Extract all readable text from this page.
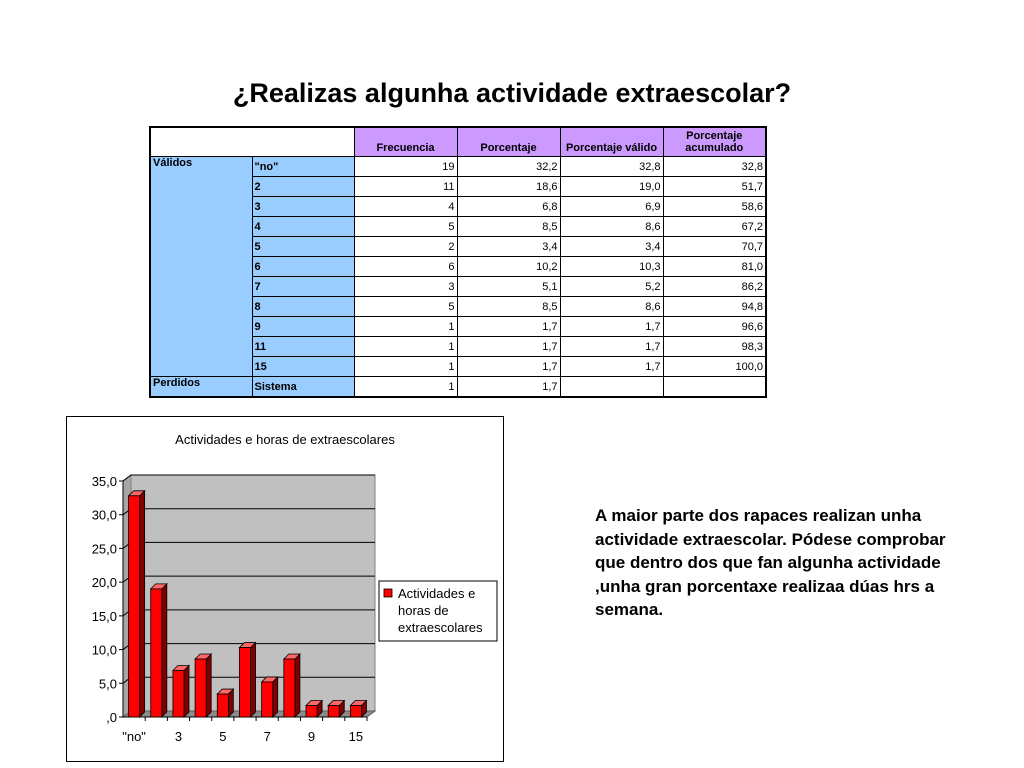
¿Realizas algunha actividade extraescolar?
		Frecuencia	Porcentaje	Porcentaje válido	Porcentaje acumulado
Válidos	"no"	19	32,2	32,8	32,8
	2	11	18,6	19,0	51,7
	3	4	6,8	6,9	58,6
	4	5	8,5	8,6	67,2
	5	2	3,4	3,4	70,7
	6	6	10,2	10,3	81,0
	7	3	5,1	5,2	86,2
	8	5	8,5	8,6	94,8
	9	1	1,7	1,7	96,6
	11	1	1,7	1,7	98,3
	15	1	1,7	1,7	100,0
Perdidos	Sistema	1	1,7		
Actividades e horas de extraescolares
35,0
30,0
25,0
20,0
15,0
10,0
5,0
,0
"no" 3	5	7	9	15
Actividades e horas de extraescolares
A maior parte dos rapaces realizan unha actividade extraescolar. Pódese comprobar que dentro dos que fan algunha actividade ,unha gran porcentaxe realizaa dúas hrs a semana.
